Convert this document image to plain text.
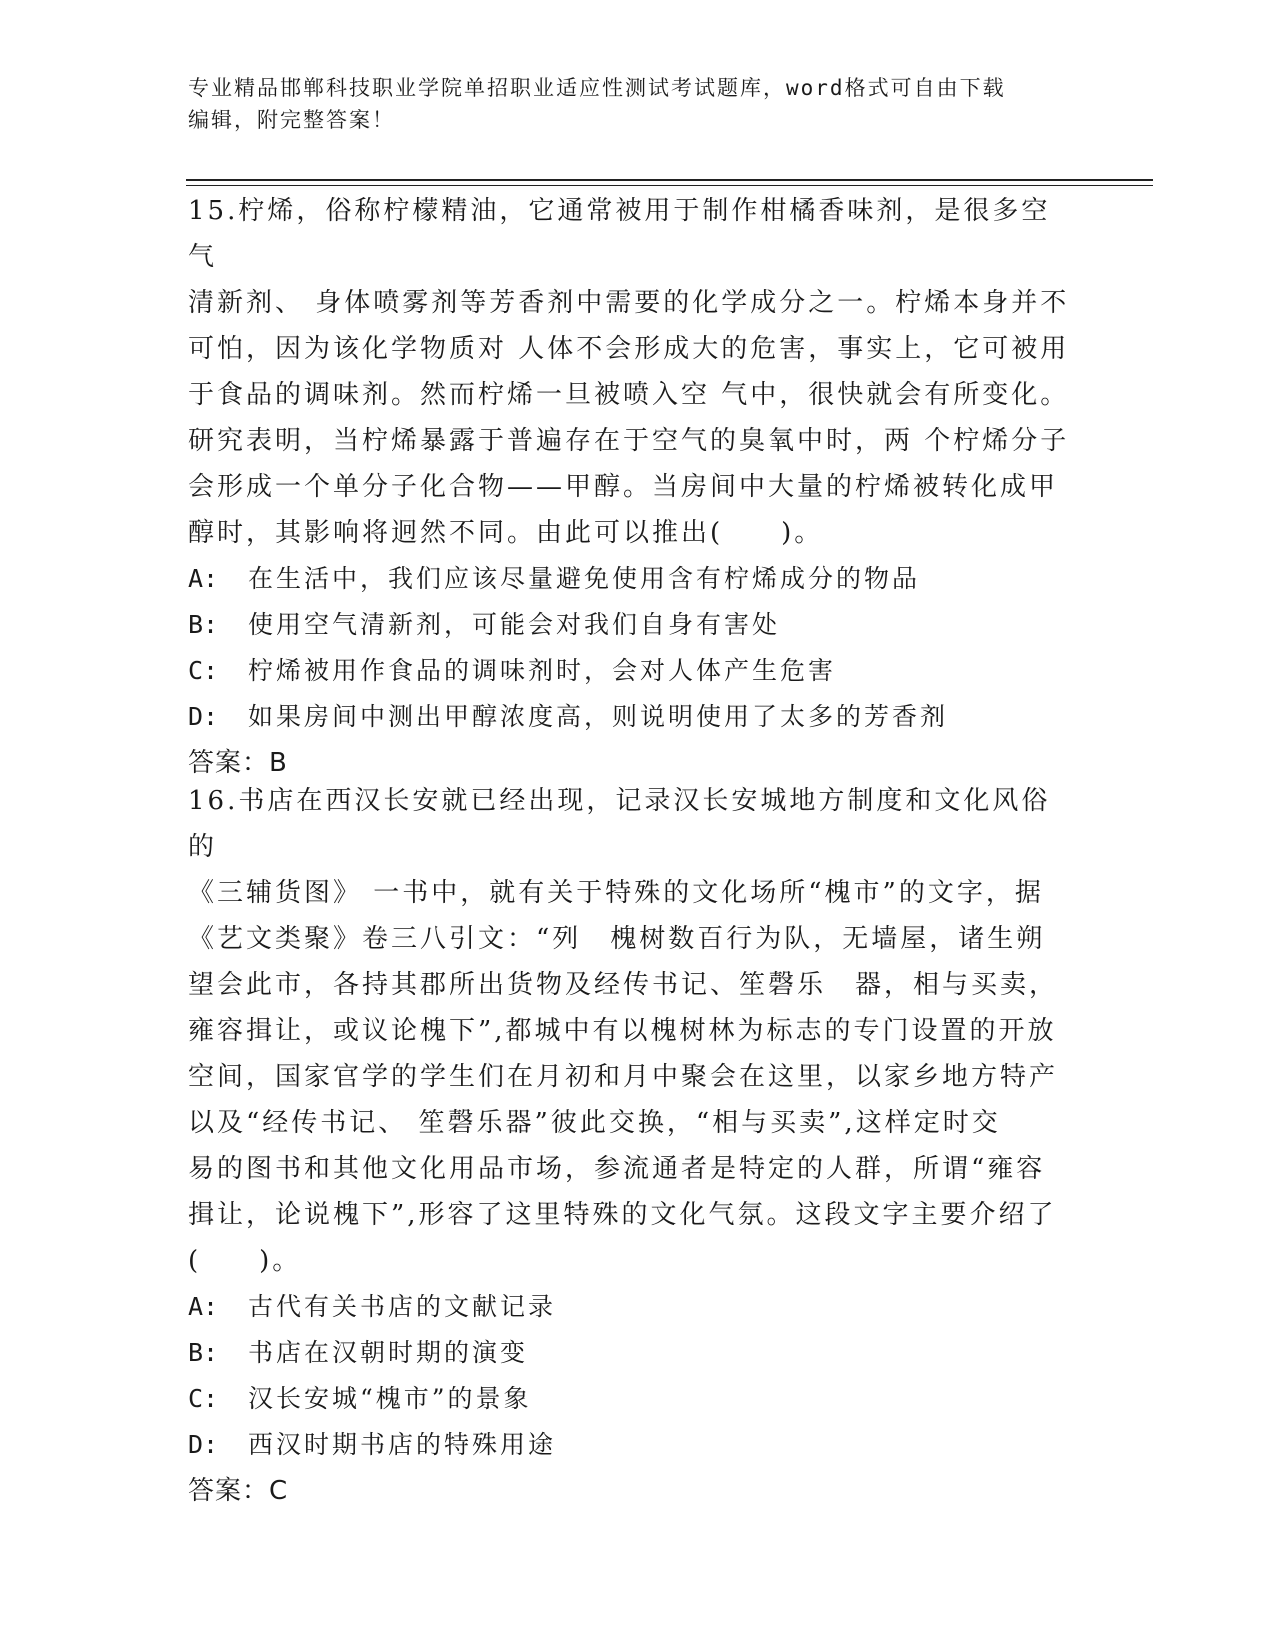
专业精品邯郸科技职业学院单招职业适应性测试考试题库，word格式可自由下载
编辑，附完整答案！

15.柠烯，俗称柠檬精油，它通常被用于制作柑橘香味剂，是很多空气

清新剂、 身体喷雾剂等芳香剂中需要的化学成分之一。柠烯本身并不

可怕，因为该化学物质对 人体不会形成大的危害，事实上，它可被用

于食品的调味剂。然而柠烯一旦被喷入空 气中，很快就会有所变化。

研究表明，当柠烯暴露于普遍存在于空气的臭氧中时，两 个柠烯分子

会形成一个单分子化合物——甲醇。当房间中大量的柠烯被转化成甲

醇时，其影响将迥然不同。由此可以推出(　　)。

A: 在生活中，我们应该尽量避免使用含有柠烯成分的物品

B: 使用空气清新剂，可能会对我们自身有害处

C: 柠烯被用作食品的调味剂时，会对人体产生危害

D: 如果房间中测出甲醇浓度高，则说明使用了太多的芳香剂

答案：B

16.书店在西汉长安就已经出现，记录汉长安城地方制度和文化风俗的

《三辅货图》 一书中，就有关于特殊的文化场所“槐市”的文字，据

《艺文类聚》卷三八引文：“列　槐树数百行为队，无墙屋，诸生朔

望会此市，各持其郡所出货物及经传书记、笙磬乐　器，相与买卖，

雍容揖让，或议论槐下”,都城中有以槐树林为标志的专门设置的开放

空间，国家官学的学生们在月初和月中聚会在这里，以家乡地方特产

以及“经传书记、 笙磬乐器”彼此交换，“相与买卖”,这样定时交

易的图书和其他文化用品市场，参流通者是特定的人群，所谓“雍容

揖让，论说槐下”,形容了这里特殊的文化气氛。这段文字主要介绍了

(　　)。

A: 古代有关书店的文献记录

B: 书店在汉朝时期的演变

C: 汉长安城“槐市”的景象

D: 西汉时期书店的特殊用途

答案：C
